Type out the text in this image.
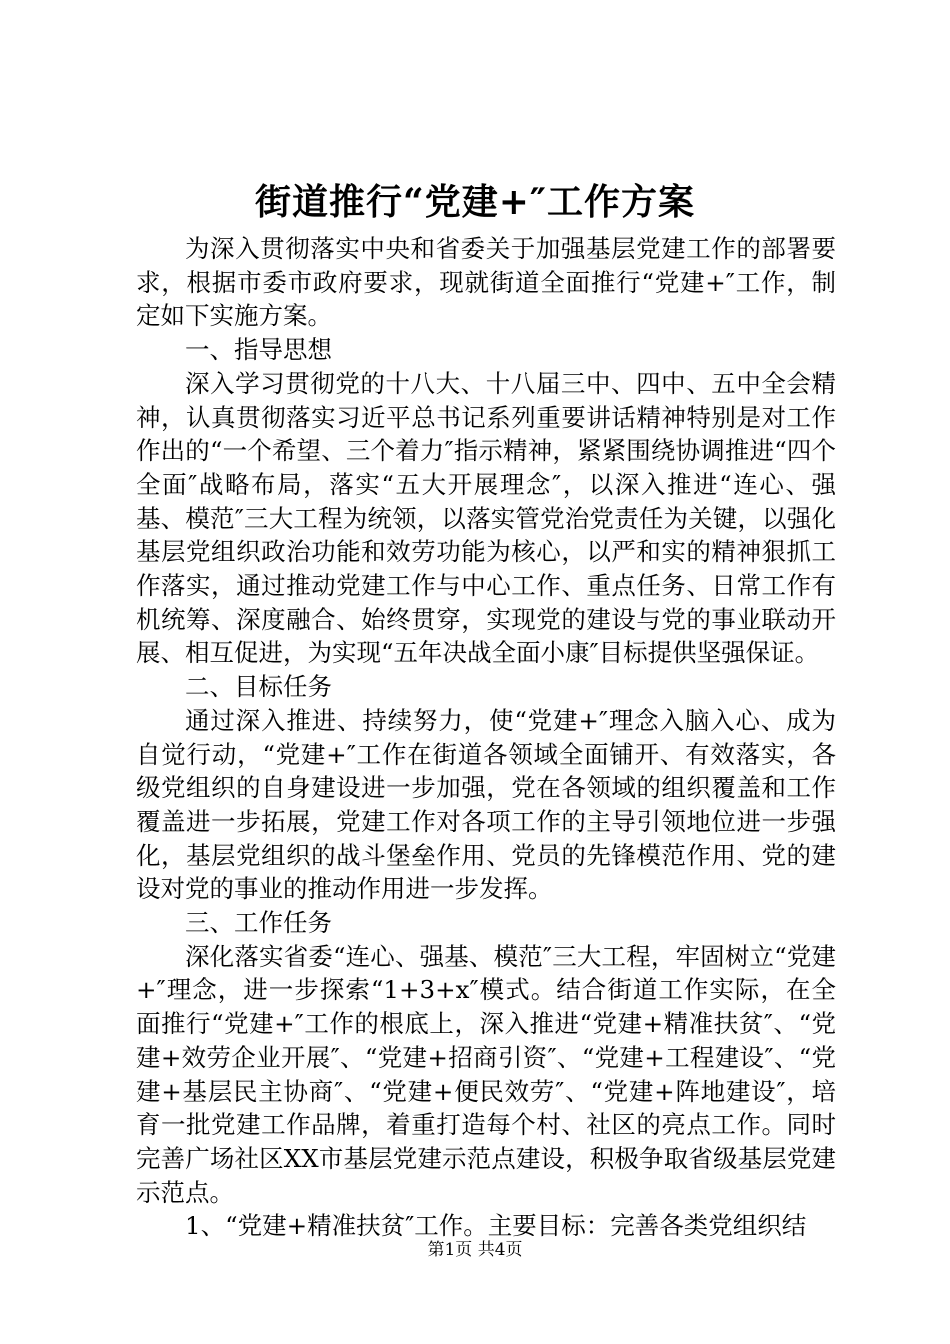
街道推行“党建+″工作方案

为深入贯彻落实中央和省委关于加强基层党建工作的部署要求，根据市委市政府要求，现就街道全面推行“党建+″工作，制定如下实施方案。

一、指导思想

深入学习贯彻党的十八大、十八届三中、四中、五中全会精神，认真贯彻落实习近平总书记系列重要讲话精神特别是对工作作出的“一个希望、三个着力″指示精神，紧紧围绕协调推进“四个全面″战略布局，落实“五大开展理念″，以深入推进“连心、强基、模范″三大工程为统领，以落实管党治党责任为关键，以强化基层党组织政治功能和效劳功能为核心，以严和实的精神狠抓工作落实，通过推动党建工作与中心工作、重点任务、日常工作有机统筹、深度融合、始终贯穿，实现党的建设与党的事业联动开展、相互促进，为实现“五年决战全面小康″目标提供坚强保证。

二、目标任务

通过深入推进、持续努力，使“党建+″理念入脑入心、成为自觉行动，“党建+″工作在街道各领域全面铺开、有效落实，各级党组织的自身建设进一步加强，党在各领域的组织覆盖和工作覆盖进一步拓展，党建工作对各项工作的主导引领地位进一步强化，基层党组织的战斗堡垒作用、党员的先锋模范作用、党的建设对党的事业的推动作用进一步发挥。

三、工作任务

深化落实省委“连心、强基、模范″三大工程，牢固树立“党建+″理念，进一步探索“1+3+x″模式。结合街道工作实际，在全面推行“党建+″工作的根底上，深入推进“党建+精准扶贫″、“党建+效劳企业开展″、“党建+招商引资″、“党建+工程建设″、“党建+基层民主协商″、“党建+便民效劳″、“党建+阵地建设″，培育一批党建工作品牌，着重打造每个村、社区的亮点工作。同时完善广场社区XX市基层党建示范点建设，积极争取省级基层党建示范点。

1、“党建+精准扶贫″工作。主要目标：完善各类党组织结

第1页 共4页
